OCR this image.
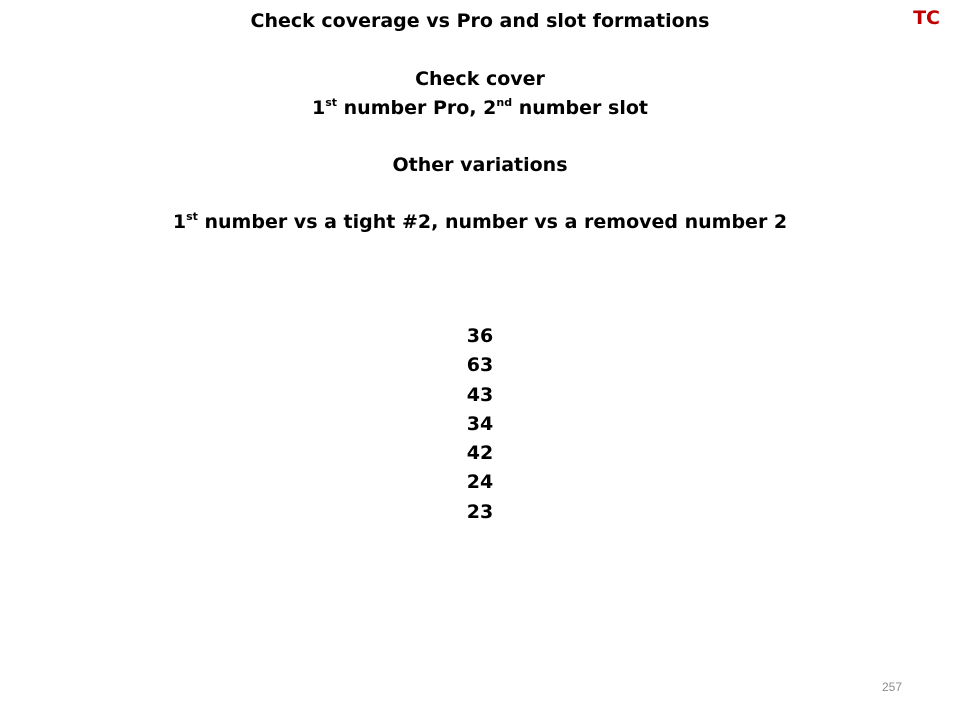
TC
Check coverage vs Pro and slot formations
Check cover
1st number Pro, 2nd number slot
Other variations
1st number vs a tight #2, number vs a removed number 2
36
63
43
34
42
24
23
257
